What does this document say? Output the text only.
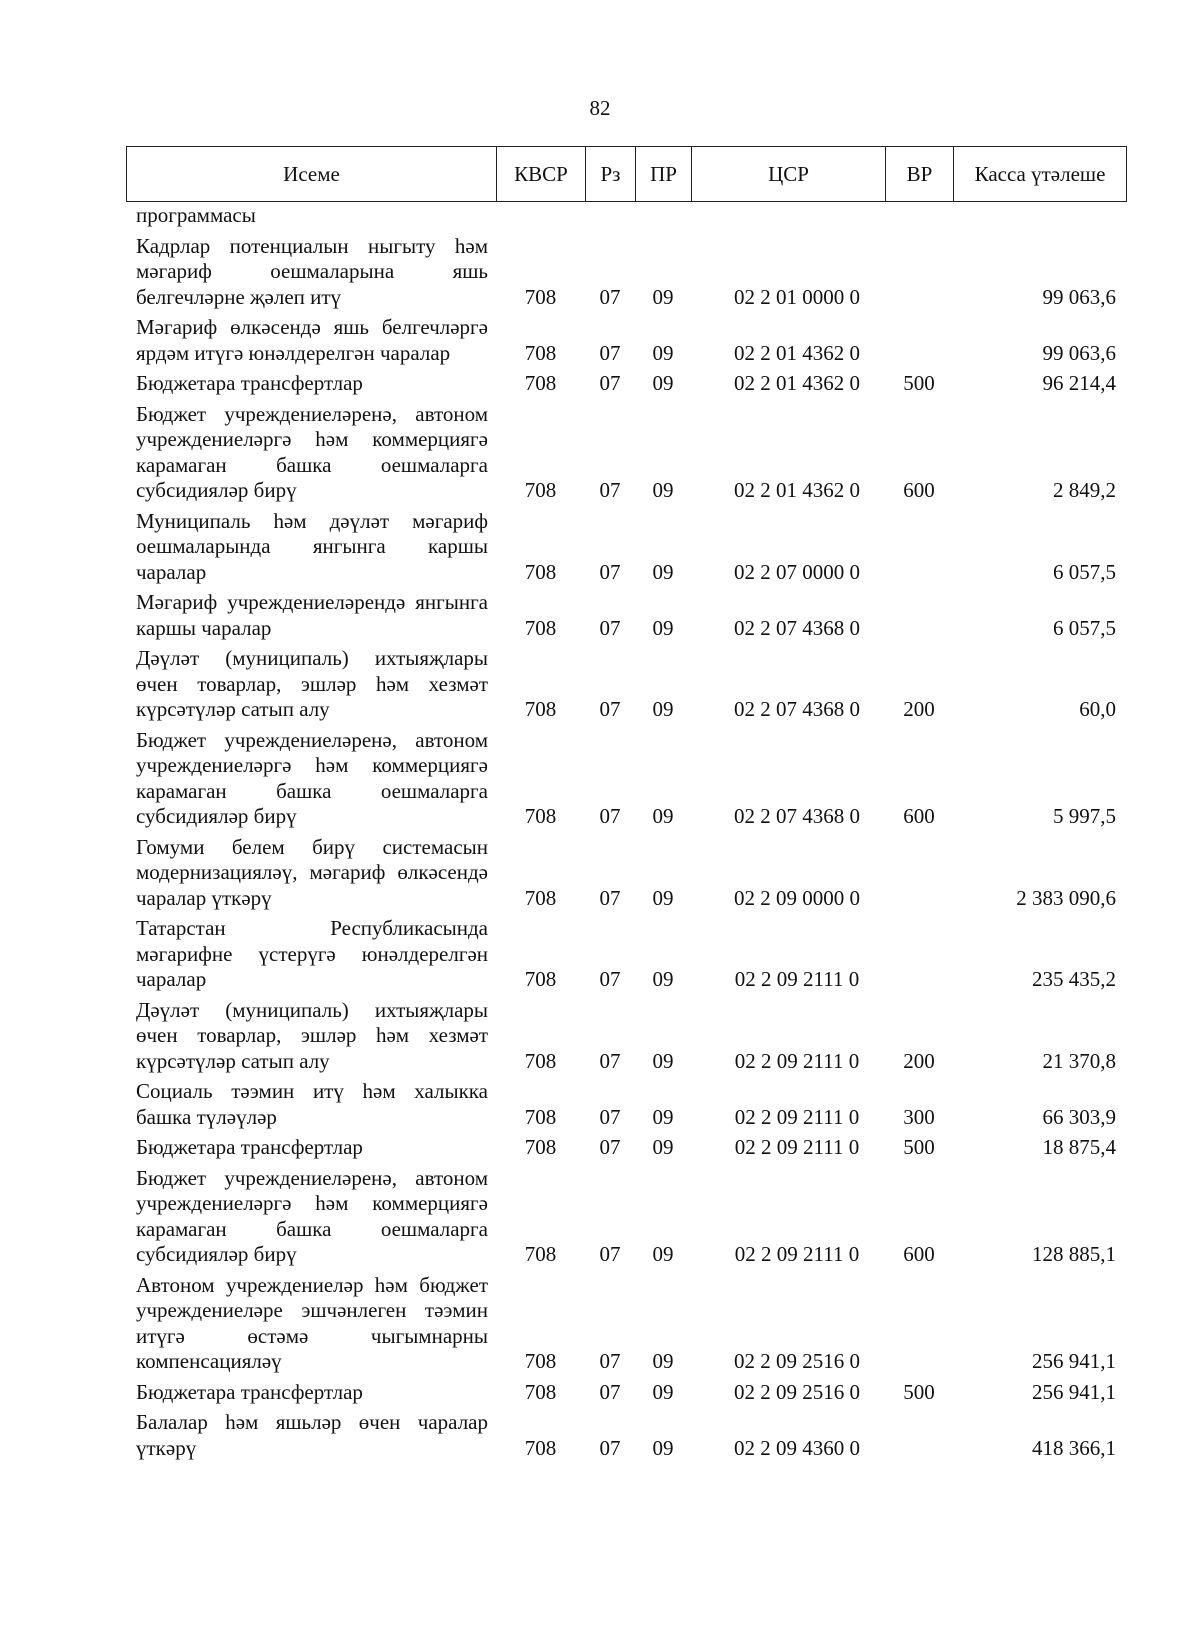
82
Исеме	КВСР	Рз	ПР	ЦСР	ВР	Касса үтәлеше
программасы						
Кадрлар потенциалын ныгыту һәм мәгариф оешмаларына яшь белгечләрне җәлеп итү	708	07	09	02 2 01 0000 0		99 063,6
Мәгариф өлкәсендә яшь белгечләргә ярдәм итүгә юнәлдерелгән чаралар	708	07	09	02 2 01 4362 0		99 063,6
Бюджетара трансфертлар	708	07	09	02 2 01 4362 0	500	96 214,4
Бюджет учреждениеләренә, автоном учреждениеләргә һәм коммерциягә карамаган башка оешмаларга субсидияләр бирү	708	07	09	02 2 01 4362 0	600	2 849,2
Муниципаль һәм дәүләт мәгариф оешмаларында янгынга каршы чаралар	708	07	09	02 2 07 0000 0		6 057,5
Мәгариф учреждениеләрендә янгынга каршы чаралар	708	07	09	02 2 07 4368 0		6 057,5
Дәүләт (муниципаль) ихтыяҗлары өчен товарлар, эшләр һәм хезмәт күрсәтүләр сатып алу	708	07	09	02 2 07 4368 0	200	60,0
Бюджет учреждениеләренә, автоном учреждениеләргә һәм коммерциягә карамаган башка оешмаларга субсидияләр бирү	708	07	09	02 2 07 4368 0	600	5 997,5
Гомуми белем бирү системасын модернизацияләү, мәгариф өлкәсендә чаралар үткәрү	708	07	09	02 2 09 0000 0		2 383 090,6
Татарстан Республикасында мәгарифне үстерүгә юнәлдерелгән чаралар	708	07	09	02 2 09 2111 0		235 435,2
Дәүләт (муниципаль) ихтыяҗлары өчен товарлар, эшләр һәм хезмәт күрсәтүләр сатып алу	708	07	09	02 2 09 2111 0	200	21 370,8
Социаль тәэмин итү һәм халыкка башка түләүләр	708	07	09	02 2 09 2111 0	300	66 303,9
Бюджетара трансфертлар	708	07	09	02 2 09 2111 0	500	18 875,4
Бюджет учреждениеләренә, автоном учреждениеләргә һәм коммерциягә карамаган башка оешмаларга субсидияләр бирү	708	07	09	02 2 09 2111 0	600	128 885,1
Автоном учреждениеләр һәм бюджет учреждениеләре эшчәнлеген тәэмин итүгә өстәмә чыгымнарны компенсацияләү	708	07	09	02 2 09 2516 0		256 941,1
Бюджетара трансфертлар	708	07	09	02 2 09 2516 0	500	256 941,1
Балалар һәм яшьләр өчен чаралар үткәрү	708	07	09	02 2 09 4360 0		418 366,1
